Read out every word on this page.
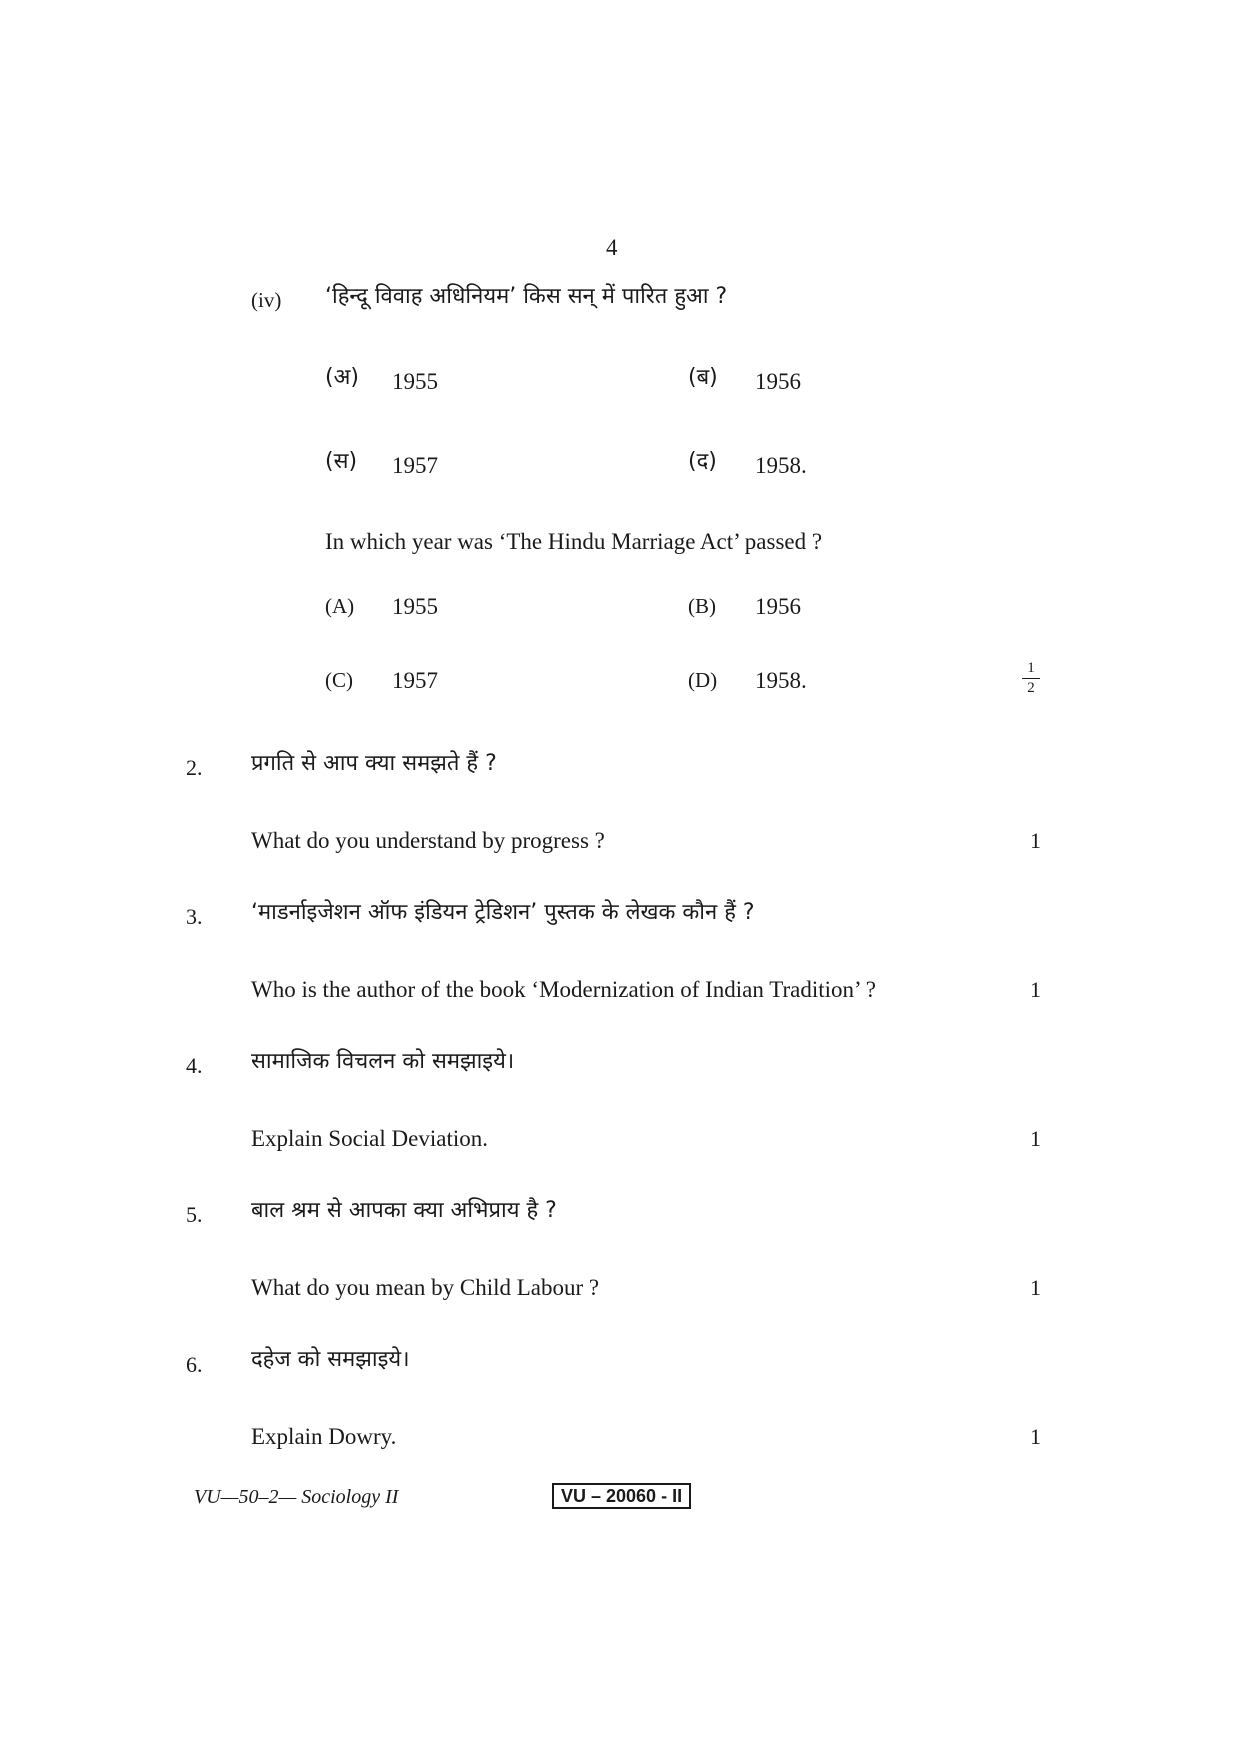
4
(iv) ‘हिन्दू विवाह अधिनियम’ किस सन् में पारित हुआ ?
(अ) 1955	(ब) 1956
(स) 1957	(द) 1958.
In which year was ‘The Hindu Marriage Act’ passed ?
(A) 1955	(B) 1956
(C) 1957	(D) 1958.	$\frac{1}{2}$
2. प्रगति से आप क्या समझते हैं ?
What do you understand by progress ?	1
3. ‘माडर्नाइजेशन ऑफ इंडियन ट्रेडिशन’ पुस्तक के लेखक कौन हैं ?
Who is the author of the book ‘Modernization of Indian Tradition’ ?	1
4. सामाजिक विचलन को समझाइये।
Explain Social Deviation.	1
5. बाल श्रम से आपका क्या अभिप्राय है ?
What do you mean by Child Labour ?	1
6. दहेज को समझाइये।
Explain Dowry.	1
VU—50–2— Sociology II	VU – 20060 - II
